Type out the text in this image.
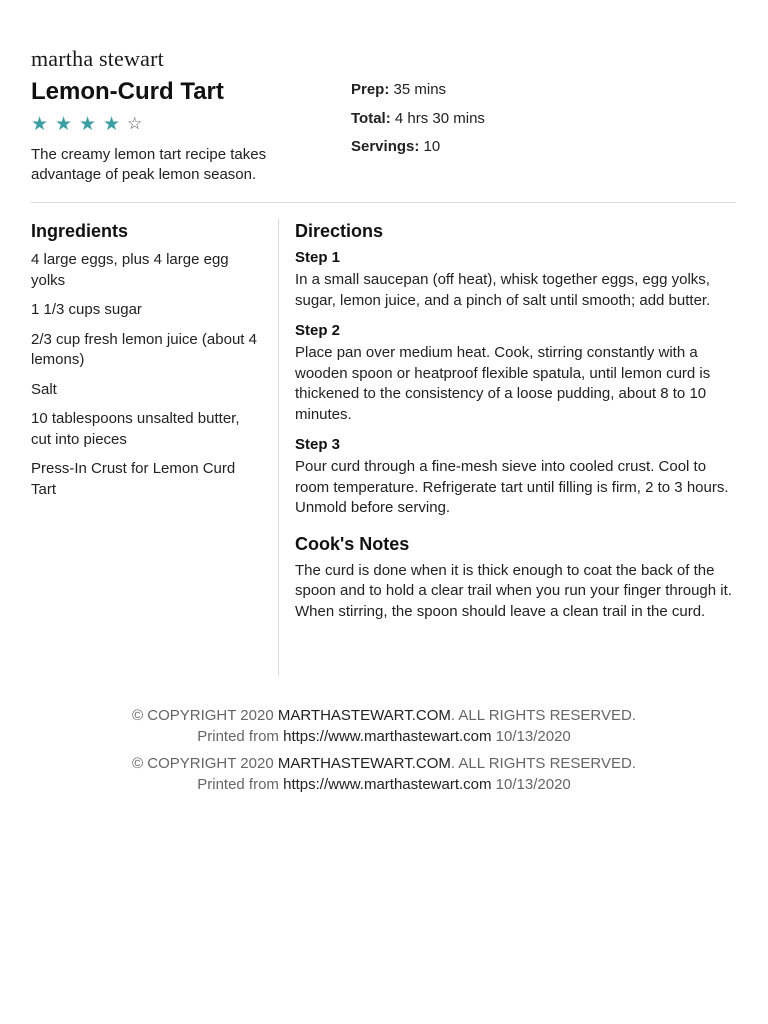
martha stewart
Lemon-Curd Tart
★ ★ ★ ★ ☆

The creamy lemon tart recipe takes advantage of peak lemon season.

Prep: 35 mins
Total: 4 hrs 30 mins
Servings: 10
Ingredients
4 large eggs, plus 4 large egg yolks
1 1/3 cups sugar
2/3 cup fresh lemon juice (about 4 lemons)
Salt
10 tablespoons unsalted butter, cut into pieces
Press-In Crust for Lemon Curd Tart
Directions
Step 1

In a small saucepan (off heat), whisk together eggs, egg yolks, sugar, lemon juice, and a pinch of salt until smooth; add butter.

Step 2

Place pan over medium heat. Cook, stirring constantly with a wooden spoon or heatproof flexible spatula, until lemon curd is thickened to the consistency of a loose pudding, about 8 to 10 minutes.

Step 3

Pour curd through a fine-mesh sieve into cooled crust. Cool to room temperature. Refrigerate tart until filling is firm, 2 to 3 hours. Unmold before serving.

Cook's Notes

The curd is done when it is thick enough to coat the back of the spoon and to hold a clear trail when you run your finger through it. When stirring, the spoon should leave a clean trail in the curd.

© COPYRIGHT 2020 MARTHASTEWART.COM. ALL RIGHTS RESERVED.
Printed from https://www.marthastewart.com 10/13/2020
© COPYRIGHT 2020 MARTHASTEWART.COM. ALL RIGHTS RESERVED.
Printed from https://www.marthastewart.com 10/13/2020
